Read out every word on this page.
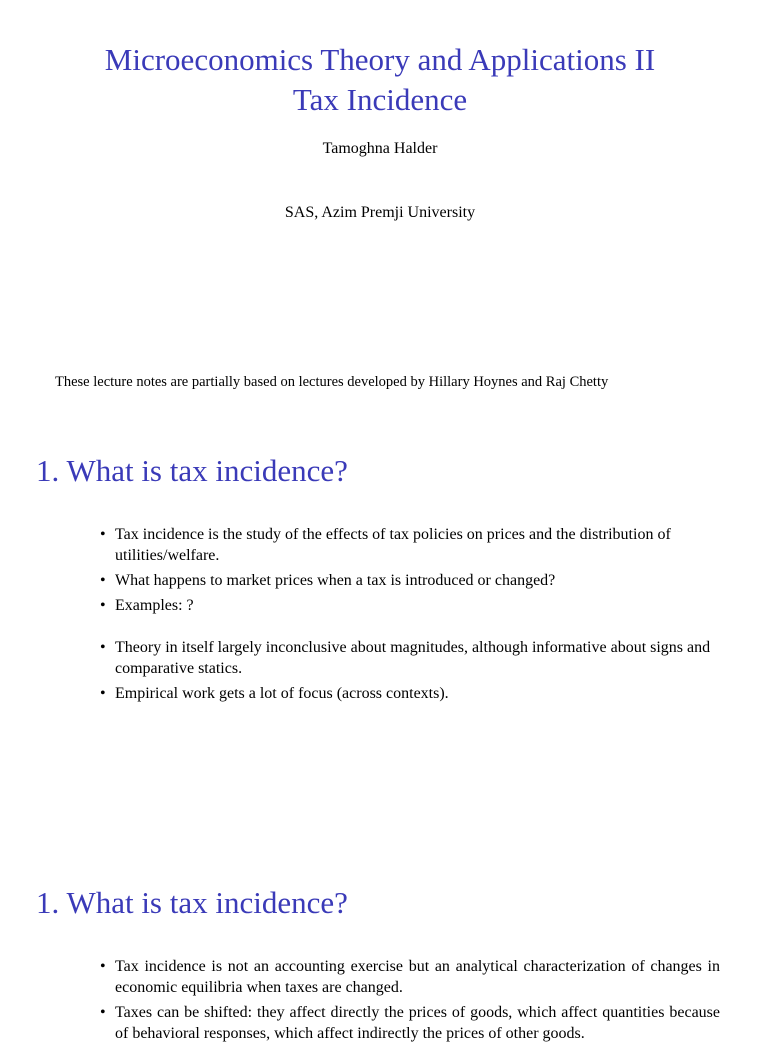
Microeconomics Theory and Applications II
Tax Incidence
Tamoghna Halder
SAS, Azim Premji University
These lecture notes are partially based on lectures developed by Hillary Hoynes and Raj Chetty
1. What is tax incidence?
• Tax incidence is the study of the effects of tax policies on prices and the distribution of utilities/welfare.
• What happens to market prices when a tax is introduced or changed?
• Examples: ?
• Theory in itself largely inconclusive about magnitudes, although informative about signs and comparative statics.
• Empirical work gets a lot of focus (across contexts).
1. What is tax incidence?
• Tax incidence is not an accounting exercise but an analytical characterization of changes in economic equilibria when taxes are changed.
• Taxes can be shifted: they affect directly the prices of goods, which affect quantities because of behavioral responses, which affect indirectly the prices of other goods.
